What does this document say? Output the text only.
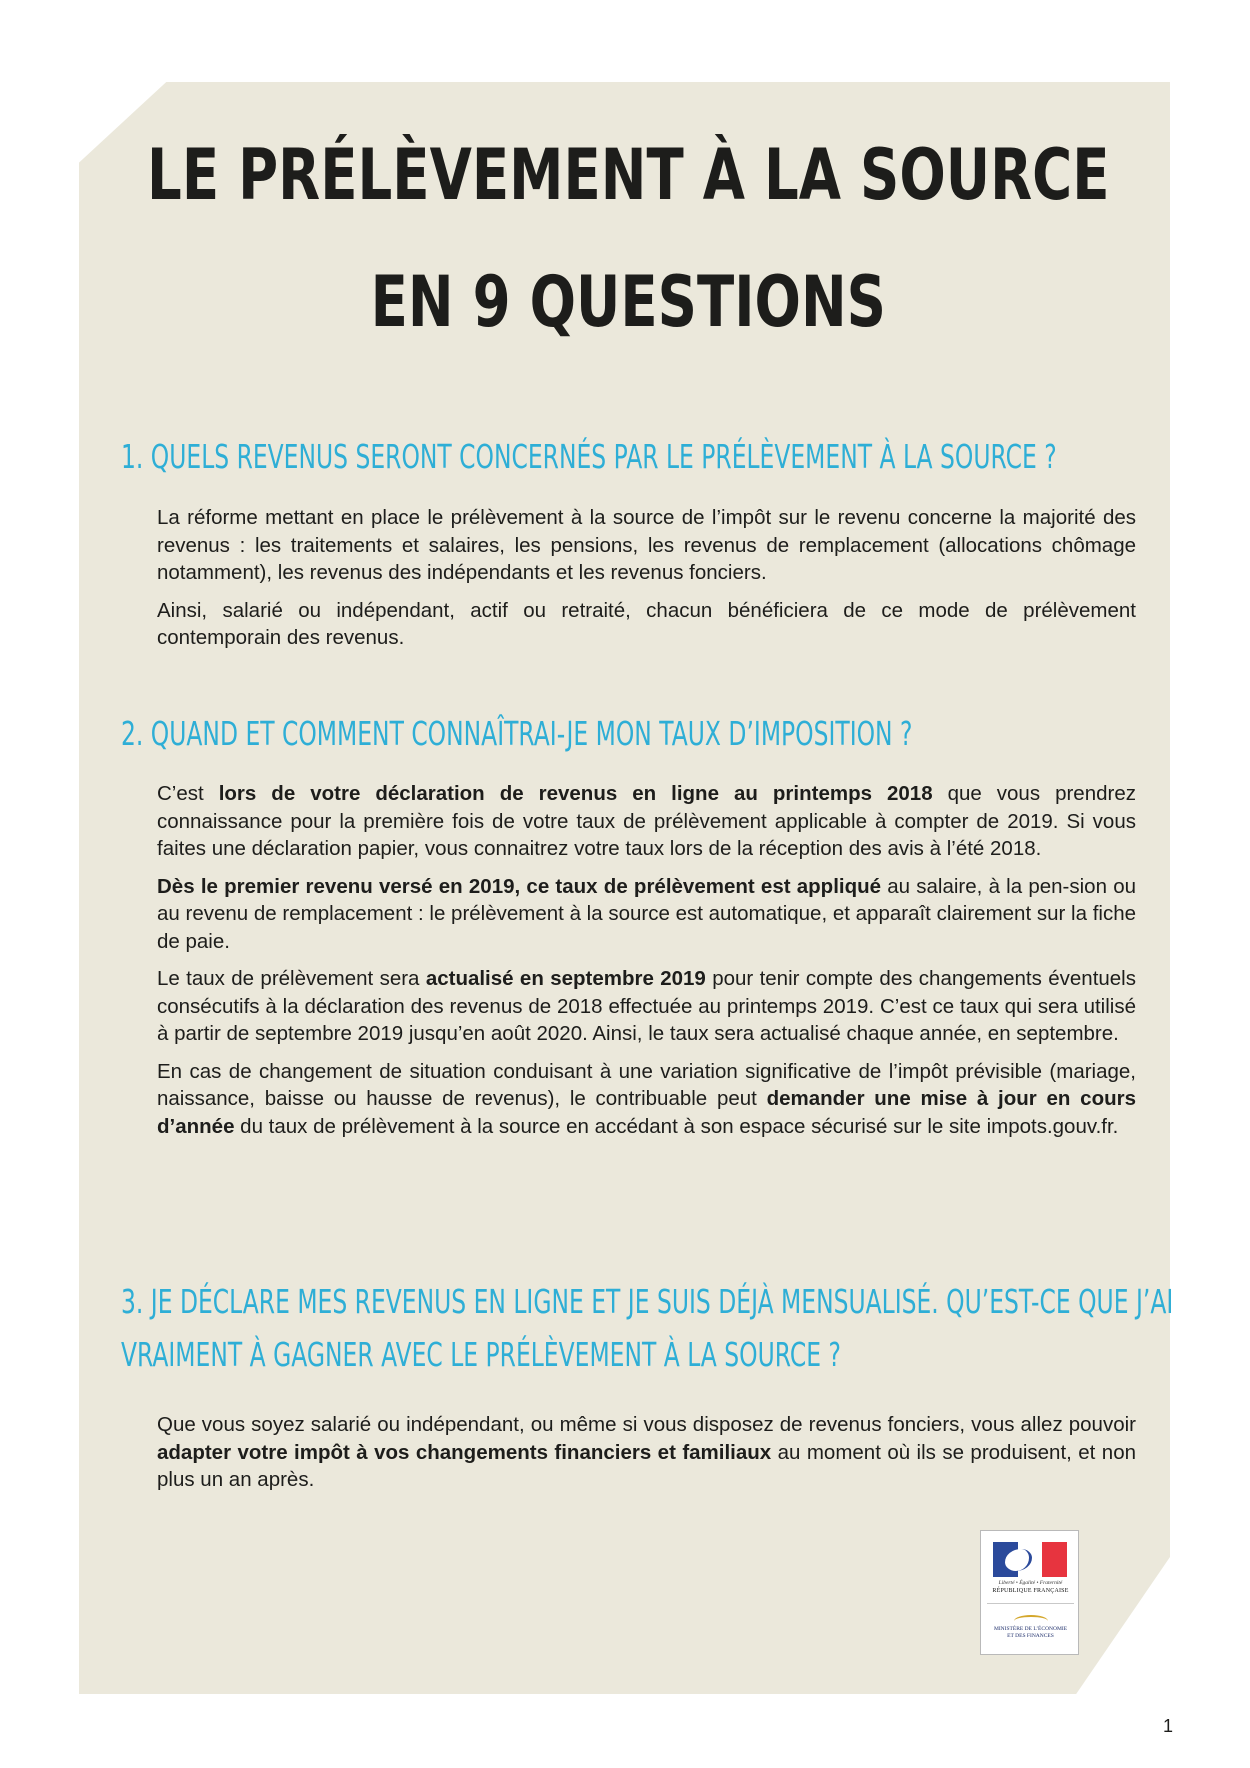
LE PRÉLÈVEMENT À LA SOURCE
EN 9 QUESTIONS
1. QUELS REVENUS SERONT CONCERNÉS PAR LE PRÉLÈVEMENT À LA SOURCE ?

La réforme mettant en place le prélèvement à la source de l’impôt sur le revenu concerne la majorité des revenus : les traitements et salaires, les pensions, les revenus de remplacement (allocations chômage notamment), les revenus des indépendants et les revenus fonciers.

Ainsi, salarié ou indépendant, actif ou retraité, chacun bénéficiera de ce mode de prélèvement contemporain des revenus.

2. QUAND ET COMMENT CONNAÎTRAI-JE MON TAUX D’IMPOSITION ?

C’est lors de votre déclaration de revenus en ligne au printemps 2018 que vous prendrez connaissance pour la première fois de votre taux de prélèvement applicable à compter de 2019. Si vous faites une déclaration papier, vous connaitrez votre taux lors de la réception des avis à l’été 2018.

Dès le premier revenu versé en 2019, ce taux de prélèvement est appliqué au salaire, à la pen-sion ou au revenu de remplacement : le prélèvement à la source est automatique, et apparaît clairement sur la fiche de paie.

Le taux de prélèvement sera actualisé en septembre 2019 pour tenir compte des changements éventuels consécutifs à la déclaration des revenus de 2018 effectuée au printemps 2019. C’est ce taux qui sera utilisé à partir de septembre 2019 jusqu’en août 2020. Ainsi, le taux sera actualisé chaque année, en septembre.

En cas de changement de situation conduisant à une variation significative de l’impôt prévisible (mariage, naissance, baisse ou hausse de revenus), le contribuable peut demander une mise à jour en cours d’année du taux de prélèvement à la source en accédant à son espace sécurisé sur le site impots.gouv.fr.

3. JE DÉCLARE MES REVENUS EN LIGNE ET JE SUIS DÉJÀ MENSUALISÉ. QU’EST-CE QUE J’AI
VRAIMENT À GAGNER AVEC LE PRÉLÈVEMENT À LA SOURCE ?

Que vous soyez salarié ou indépendant, ou même si vous disposez de revenus fonciers, vous allez pouvoir adapter votre impôt à vos changements financiers et familiaux au moment où ils se produisent, et non plus un an après.

Liberté • Égalité • Fraternité
RÉPUBLIQUE FRANÇAISE
MINISTÈRE DE L’ÉCONOMIE
ET DES FINANCES
1
